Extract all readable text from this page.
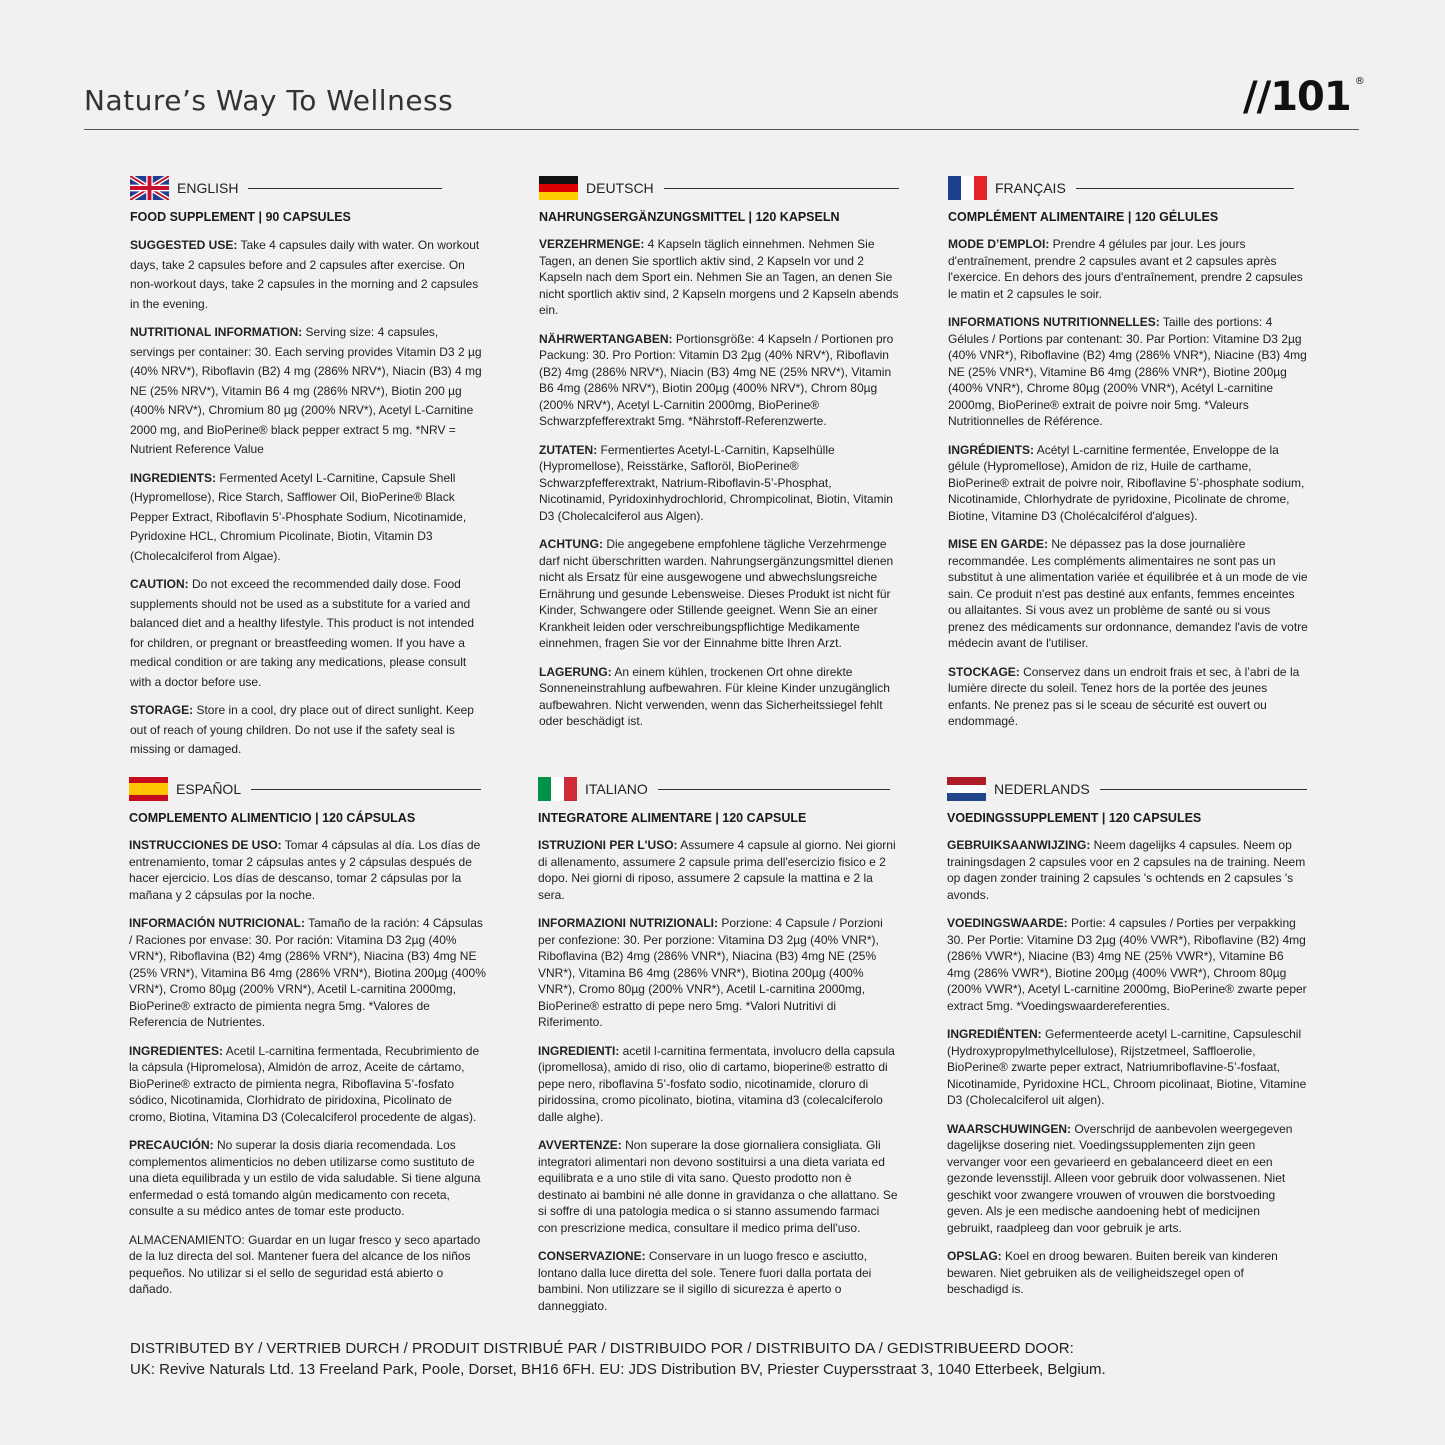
Nature’s Way To Wellness	//101 ®
ENGLISH
FOOD SUPPLEMENT | 90 CAPSULES

SUGGESTED USE: Take 4 capsules daily with water. On workout days, take 2 capsules before and 2 capsules after exercise. On non-workout days, take 2 capsules in the morning and 2 capsules in the evening.

NUTRITIONAL INFORMATION: Serving size: 4 capsules, servings per container: 30. Each serving provides Vitamin D3 2 µg (40% NRV*), Riboflavin (B2) 4 mg (286% NRV*), Niacin (B3) 4 mg NE (25% NRV*), Vitamin B6 4 mg (286% NRV*), Biotin 200 µg (400% NRV*), Chromium 80 µg (200% NRV*), Acetyl L-Carnitine 2000 mg, and BioPerine® black pepper extract 5 mg. *NRV = Nutrient Reference Value

INGREDIENTS: Fermented Acetyl L-Carnitine, Capsule Shell (Hypromellose), Rice Starch, Safflower Oil, BioPerine® Black Pepper Extract, Riboflavin 5’-Phosphate Sodium, Nicotinamide, Pyridoxine HCL, Chromium Picolinate, Biotin, Vitamin D3 (Cholecalciferol from Algae).

CAUTION: Do not exceed the recommended daily dose. Food supplements should not be used as a substitute for a varied and balanced diet and a healthy lifestyle. This product is not intended for children, or pregnant or breastfeeding women. If you have a medical condition or are taking any medications, please consult with a doctor before use.

STORAGE: Store in a cool, dry place out of direct sunlight. Keep out of reach of young children. Do not use if the safety seal is missing or damaged.

DEUTSCH
NAHRUNGSERGÄNZUNGSMITTEL | 120 KAPSELN

VERZEHRMENGE: 4 Kapseln täglich einnehmen. Nehmen Sie Tagen, an denen Sie sportlich aktiv sind, 2 Kapseln vor und 2 Kapseln nach dem Sport ein. Nehmen Sie an Tagen, an denen Sie nicht sportlich aktiv sind, 2 Kapseln morgens und 2 Kapseln abends ein.

NÄHRWERTANGABEN: Portionsgröße: 4 Kapseln / Portionen pro Packung: 30. Pro Portion: Vitamin D3 2µg (40% NRV*), Riboflavin (B2) 4mg (286% NRV*), Niacin (B3) 4mg NE (25% NRV*), Vitamin B6 4mg (286% NRV*), Biotin 200µg (400% NRV*), Chrom 80µg (200% NRV*), Acetyl L-Carnitin 2000mg, BioPerine® Schwarzpfefferextrakt 5mg. *Nährstoff-Referenzwerte.

ZUTATEN: Fermentiertes Acetyl-L-Carnitin, Kapselhülle (Hypromellose), Reisstärke, Safloröl, BioPerine® Schwarzpfefferextrakt, Natrium-Riboflavin-5’-Phosphat, Nicotinamid, Pyridoxinhydrochlorid, Chrompicolinat, Biotin, Vitamin D3 (Cholecalciferol aus Algen).

ACHTUNG: Die angegebene empfohlene tägliche Verzehrmenge darf nicht überschritten warden. Nahrungsergänzungsmittel dienen nicht als Ersatz für eine ausgewogene und abwechslungsreiche Ernährung und gesunde Lebensweise. Dieses Produkt ist nicht für Kinder, Schwangere oder Stillende geeignet. Wenn Sie an einer Krankheit leiden oder verschreibungspflichtige Medikamente einnehmen, fragen Sie vor der Einnahme bitte Ihren Arzt.

LAGERUNG: An einem kühlen, trockenen Ort ohne direkte Sonneneinstrahlung aufbewahren. Für kleine Kinder unzugänglich aufbewahren. Nicht verwenden, wenn das Sicherheitssiegel fehlt oder beschädigt ist.

FRANÇAIS
COMPLÉMENT ALIMENTAIRE | 120 GÉLULES

MODE D’EMPLOI: Prendre 4 gélules par jour. Les jours d'entraînement, prendre 2 capsules avant et 2 capsules après l'exercice. En dehors des jours d'entraînement, prendre 2 capsules le matin et 2 capsules le soir.

INFORMATIONS NUTRITIONNELLES: Taille des portions: 4 Gélules / Portions par contenant: 30. Par Portion: Vitamine D3 2µg (40% VNR*), Riboflavine (B2) 4mg (286% VNR*), Niacine (B3) 4mg NE (25% VNR*), Vitamine B6 4mg (286% VNR*), Biotine 200µg (400% VNR*), Chrome 80µg (200% VNR*), Acétyl L-carnitine 2000mg, BioPerine® extrait de poivre noir 5mg. *Valeurs Nutritionnelles de Référence.

INGRÉDIENTS: Acétyl L-carnitine fermentée, Enveloppe de la gélule (Hypromellose), Amidon de riz, Huile de carthame, BioPerine® extrait de poivre noir, Riboflavine 5’-phosphate sodium, Nicotinamide, Chlorhydrate de pyridoxine, Picolinate de chrome, Biotine, Vitamine D3 (Cholécalciférol d'algues).

MISE EN GARDE: Ne dépassez pas la dose journalière recommandée. Les compléments alimentaires ne sont pas un substitut à une alimentation variée et équilibrée et à un mode de vie sain. Ce produit n'est pas destiné aux enfants, femmes enceintes ou allaitantes. Si vous avez un problème de santé ou si vous prenez des médicaments sur ordonnance, demandez l'avis de votre médecin avant de l'utiliser.

STOCKAGE: Conservez dans un endroit frais et sec, à l’abri de la lumière directe du soleil. Tenez hors de la portée des jeunes enfants. Ne prenez pas si le sceau de sécurité est ouvert ou endommagé.

ESPAÑOL
COMPLEMENTO ALIMENTICIO | 120 CÁPSULAS

INSTRUCCIONES DE USO: Tomar 4 cápsulas al día. Los días de entrenamiento, tomar 2 cápsulas antes y 2 cápsulas después de hacer ejercicio. Los días de descanso, tomar 2 cápsulas por la mañana y 2 cápsulas por la noche.

INFORMACIÓN NUTRICIONAL: Tamaño de la ración: 4 Cápsulas / Raciones por envase: 30. Por ración: Vitamina D3 2µg (40% VRN*), Riboflavina (B2) 4mg (286% VRN*), Niacina (B3) 4mg NE (25% VRN*), Vitamina B6 4mg (286% VRN*), Biotina 200µg (400% VRN*), Cromo 80µg (200% VRN*), Acetil L-carnitina 2000mg, BioPerine® extracto de pimienta negra 5mg. *Valores de Referencia de Nutrientes.

INGREDIENTES: Acetil L-carnitina fermentada, Recubrimiento de la cápsula (Hipromelosa), Almidón de arroz, Aceite de cártamo, BioPerine® extracto de pimienta negra, Riboflavina 5’-fosfato sódico, Nicotinamida, Clorhidrato de piridoxina, Picolinato de cromo, Biotina, Vitamina D3 (Colecalciferol procedente de algas).

PRECAUCIÓN: No superar la dosis diaria recomendada. Los complementos alimenticios no deben utilizarse como sustituto de una dieta equilibrada y un estilo de vida saludable. Si tiene alguna enfermedad o está tomando algún medicamento con receta, consulte a su médico antes de tomar este producto.

ALMACENAMIENTO: Guardar en un lugar fresco y seco apartado de la luz directa del sol. Mantener fuera del alcance de los niños pequeños. No utilizar si el sello de seguridad está abierto o dañado.

ITALIANO
INTEGRATORE ALIMENTARE | 120 CAPSULE

ISTRUZIONI PER L'USO: Assumere 4 capsule al giorno. Nei giorni di allenamento, assumere 2 capsule prima dell'esercizio fisico e 2 dopo. Nei giorni di riposo, assumere 2 capsule la mattina e 2 la sera.

INFORMAZIONI NUTRIZIONALI: Porzione: 4 Capsule / Porzioni per confezione: 30. Per porzione: Vitamina D3 2µg (40% VNR*), Riboflavina (B2) 4mg (286% VNR*), Niacina (B3) 4mg NE (25% VNR*), Vitamina B6 4mg (286% VNR*), Biotina 200µg (400% VNR*), Cromo 80µg (200% VNR*), Acetil L-carnitina 2000mg, BioPerine® estratto di pepe nero 5mg. *Valori Nutritivi di Riferimento.

INGREDIENTI: acetil l-carnitina fermentata, involucro della capsula (ipromellosa), amido di riso, olio di cartamo, bioperine® estratto di pepe nero, riboflavina 5’-fosfato sodio, nicotinamide, cloruro di piridossina, cromo picolinato, biotina, vitamina d3 (colecalciferolo dalle alghe).

AVVERTENZE: Non superare la dose giornaliera consigliata. Gli integratori alimentari non devono sostituirsi a una dieta variata ed equilibrata e a uno stile di vita sano. Questo prodotto non è destinato ai bambini né alle donne in gravidanza o che allattano. Se si soffre di una patologia medica o si stanno assumendo farmaci con prescrizione medica, consultare il medico prima dell'uso.

CONSERVAZIONE: Conservare in un luogo fresco e asciutto, lontano dalla luce diretta del sole. Tenere fuori dalla portata dei bambini. Non utilizzare se il sigillo di sicurezza è aperto o danneggiato.

NEDERLANDS
VOEDINGSSUPPLEMENT | 120 CAPSULES

GEBRUIKSAANWIJZING: Neem dagelijks 4 capsules. Neem op trainingsdagen 2 capsules voor en 2 capsules na de training. Neem op dagen zonder training 2 capsules 's ochtends en 2 capsules 's avonds.

VOEDINGSWAARDE: Portie: 4 capsules / Porties per verpakking 30. Per Portie: Vitamine D3 2µg (40% VWR*), Riboflavine (B2) 4mg (286% VWR*), Niacine (B3) 4mg NE (25% VWR*), Vitamine B6 4mg (286% VWR*), Biotine 200µg (400% VWR*), Chroom 80µg (200% VWR*), Acetyl L-carnitine 2000mg, BioPerine® zwarte peper extract 5mg. *Voedingswaardereferenties.

INGREDIËNTEN: Gefermenteerde acetyl L-carnitine, Capsuleschil (Hydroxypropylmethylcellulose), Rijstzetmeel, Saffloerolie, BioPerine® zwarte peper extract, Natriumriboflavine-5’-fosfaat, Nicotinamide, Pyridoxine HCL, Chroom picolinaat, Biotine, Vitamine D3 (Cholecalciferol uit algen).

WAARSCHUWINGEN: Overschrijd de aanbevolen weergegeven dagelijkse dosering niet. Voedingssupplementen zijn geen vervanger voor een gevarieerd en gebalanceerd dieet en een gezonde levensstijl. Alleen voor gebruik door volwassenen. Niet geschikt voor zwangere vrouwen of vrouwen die borstvoeding geven. Als je een medische aandoening hebt of medicijnen gebruikt, raadpleeg dan voor gebruik je arts.

OPSLAG: Koel en droog bewaren. Buiten bereik van kinderen bewaren. Niet gebruiken als de veiligheidszegel open of beschadigd is.

DISTRIBUTED BY / VERTRIEB DURCH / PRODUIT DISTRIBUÉ PAR / DISTRIBUIDO POR / DISTRIBUITO DA / GEDISTRIBUEERD DOOR:
UK: Revive Naturals Ltd. 13 Freeland Park, Poole, Dorset, BH16 6FH. EU: JDS Distribution BV, Priester Cuypersstraat 3, 1040 Etterbeek, Belgium.
